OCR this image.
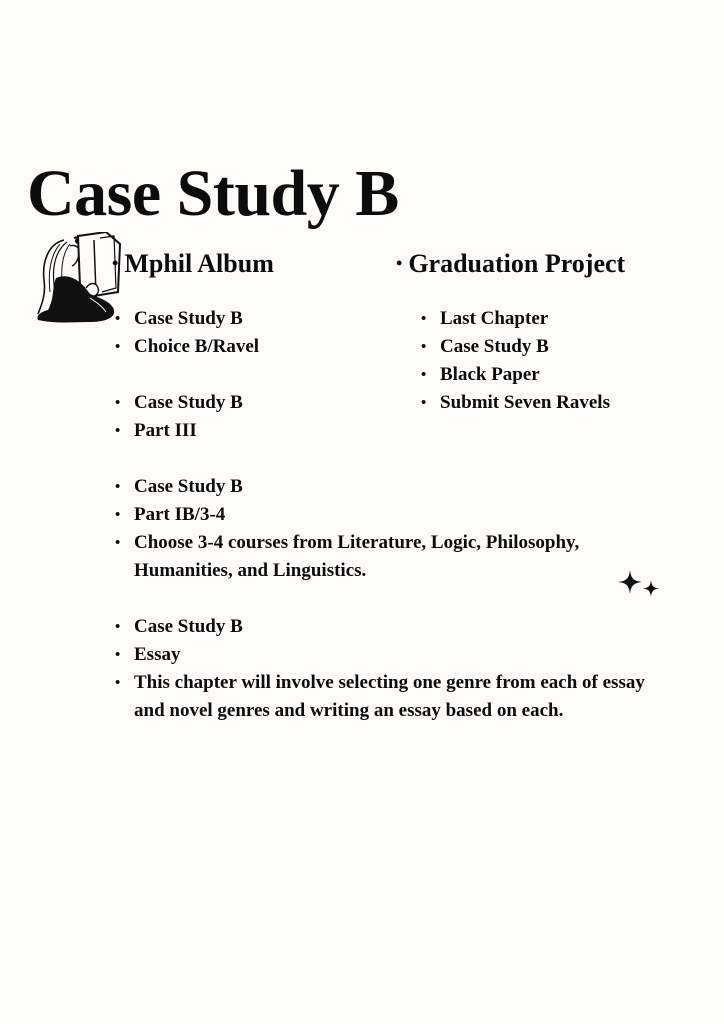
Case Study B
• Mphil Album	• Graduation Project
• Case Study B
• Choice B/Ravel
• Case Study B
• Part III
• Case Study B
• Part IB/3-4
• Choose 3-4 courses from Literature, Logic, Philosophy, Humanities, and Linguistics.
• Case Study B
• Essay
• This chapter will involve selecting one genre from each of essay and novel genres and writing an essay based on each.
• Last Chapter
• Case Study B
• Black Paper
• Submit Seven Ravels
